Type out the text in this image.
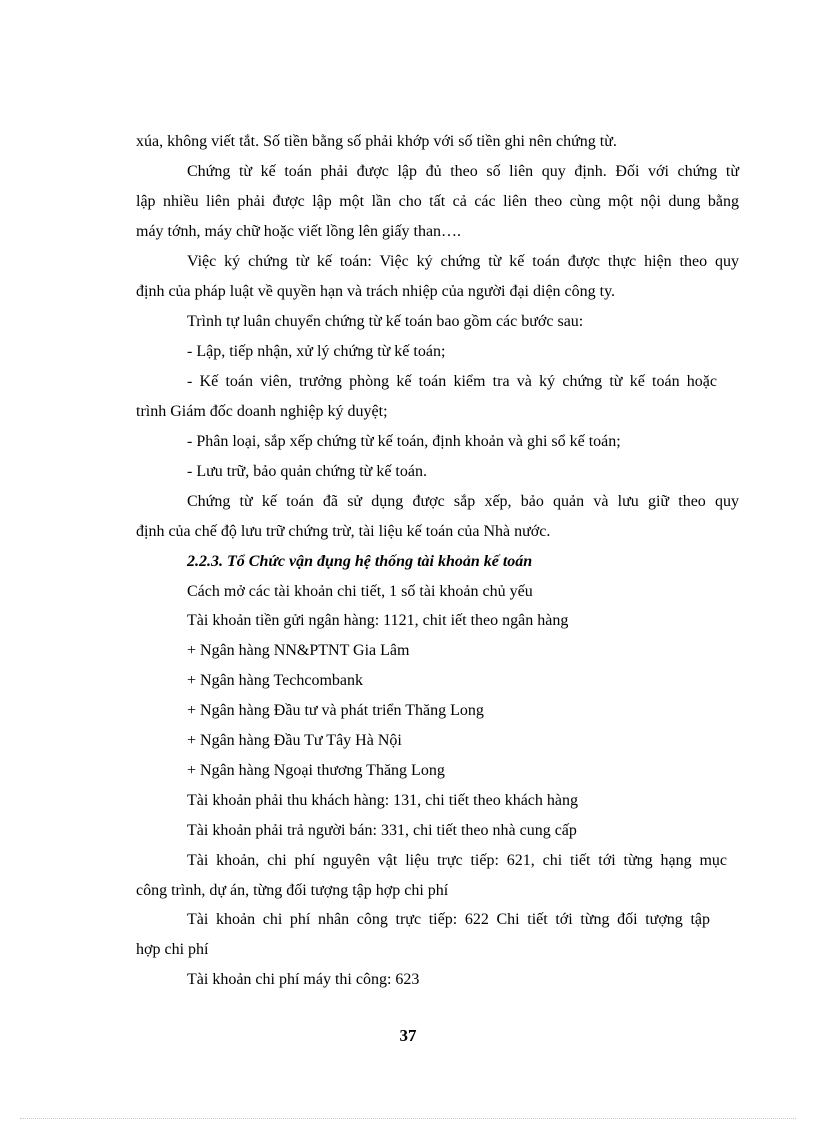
xúa, không viết tắt. Số tiền bằng số phải khớp với số tiền ghi nên chứng từ.
Chứng từ kế toán phải được lập đủ theo số liên quy định. Đối với chứng từ
lập nhiều liên phải được lập một lần cho tất cả các liên theo cùng một nội dung bằng
máy tớnh, máy chữ hoặc viết lồng lên giấy than….
Việc ký chứng từ kế toán: Việc ký chứng từ kế toán được thực hiện theo quy
định của pháp luật về quyền hạn và trách nhiệp của người đại diện công ty.
Trình tự luân chuyển chứng từ kế toán bao gồm các bước sau:
- Lập, tiếp nhận, xử lý chứng từ kế toán;
- Kế toán viên, trưởng phòng kế toán kiểm tra và ký chứng từ kế toán hoặc
trình Giám đốc doanh nghiệp ký duyệt;
- Phân loại, sắp xếp chứng từ kế toán, định khoản và ghi sổ kế toán;
- Lưu trữ, bảo quản chứng từ kế toán.
Chứng từ kế toán đã sử dụng được sắp xếp, bảo quản và lưu giữ theo quy
định của chế độ lưu trữ chứng trừ, tài liệu kế toán của Nhà nước.
2.2.3. Tổ Chức vận đụng hệ thống tài khoản kế toán
Cách mở các tài khoản chi tiết, 1 số tài khoản chủ yếu
Tài khoản tiền gửi ngân hàng: 1121, chit iết theo ngân hàng
+ Ngân hàng NN&PTNT Gia Lâm
+ Ngân hàng Techcombank
+ Ngân hàng Đầu tư và phát triển Thăng Long
+ Ngân hàng Đầu Tư Tây Hà Nội
+ Ngân hàng Ngoại thương Thăng Long
Tài khoản phải thu khách hàng: 131, chi tiết theo khách hàng
Tài khoản phải trả người bán: 331, chi tiết theo nhà cung cấp
Tài khoản, chi phí nguyên vật liệu trực tiếp: 621, chi tiết tới từng hạng mục
công trình, dự án, từng đối tượng tập hợp chi phí
Tài khoản chi phí nhân công trực tiếp: 622 Chi tiết tới từng đối tượng tập
hợp chi phí
Tài khoản chi phí máy thi công: 623
37
